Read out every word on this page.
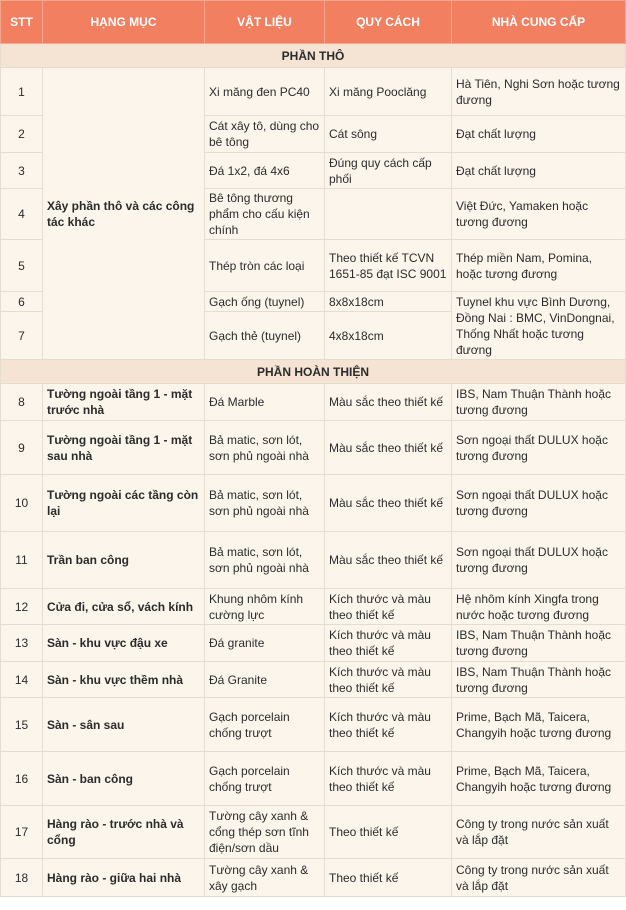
STT	HẠNG MỤC	VẬT LIỆU	QUY CÁCH	NHÀ CUNG CẤP
PHẦN THÔ				
1	Xây phần thô và các công tác khác	Xi măng đen PC40	Xi măng Pooclăng	Hà Tiên, Nghi Sơn hoặc tương đương
2		Cát xây tô, dùng cho bê tông	Cát sông	Đạt chất lượng
3		Đá 1x2, đá 4x6	Đúng quy cách cấp phối	Đạt chất lượng
4		Bê tông thương phẩm cho cấu kiện chính		Việt Đức, Yamaken hoặc tương đương
5		Thép tròn các loại	Theo thiết kế TCVN 1651-85 đạt ISC 9001	Thép miền Nam, Pomina, hoặc tương đương
6		Gạch ống (tuynel)	8x8x18cm	Tuynel khu vực Bình Dương, Đồng Nai : BMC, VinDongnai, Thống Nhất hoặc tương đương
7		Gạch thẻ (tuynel)	4x8x18cm	
PHẦN HOÀN THIỆN				
8	Tường ngoài tầng 1 - mặt trước nhà	Đá Marble	Màu sắc theo thiết kế	IBS, Nam Thuận Thành hoặc tương đương
9	Tường ngoài tầng 1 - mặt sau nhà	Bả matic, sơn lót, sơn phủ ngoài nhà	Màu sắc theo thiết kế	Sơn ngoại thất DULUX hoặc tương đương
10	Tường ngoài các tầng còn lại	Bả matic, sơn lót, sơn phủ ngoài nhà	Màu sắc theo thiết kế	Sơn ngoại thất DULUX hoặc tương đương
11	Trần ban công	Bả matic, sơn lót, sơn phủ ngoài nhà	Màu sắc theo thiết kế	Sơn ngoại thất DULUX hoặc tương đương
12	Cửa đi, cửa sổ, vách kính	Khung nhôm kính cường lực	Kích thước và màu theo thiết kế	Hệ nhôm kính Xingfa trong nước hoặc tương đương
13	Sàn - khu vực đậu xe	Đá granite	Kích thước và màu theo thiết kế	IBS, Nam Thuận Thành hoặc tương đương
14	Sàn - khu vực thềm nhà	Đá Granite	Kích thước và màu theo thiết kế	IBS, Nam Thuận Thành hoặc tương đương
15	Sàn - sân sau	Gạch porcelain chống trượt	Kích thước và màu theo thiết kế	Prime, Bạch Mã, Taicera, Changyih hoặc tương đương
16	Sàn - ban công	Gạch porcelain chống trượt	Kích thước và màu theo thiết kế	Prime, Bạch Mã, Taicera, Changyih hoặc tương đương
17	Hàng rào - trước nhà và cổng	Tường cây xanh & cổng thép sơn tĩnh điện/sơn dầu	Theo thiết kế	Công ty trong nước sản xuất và lắp đặt
18	Hàng rào - giữa hai nhà	Tường cây xanh & xây gạch	Theo thiết kế	Công ty trong nước sản xuất và lắp đặt
